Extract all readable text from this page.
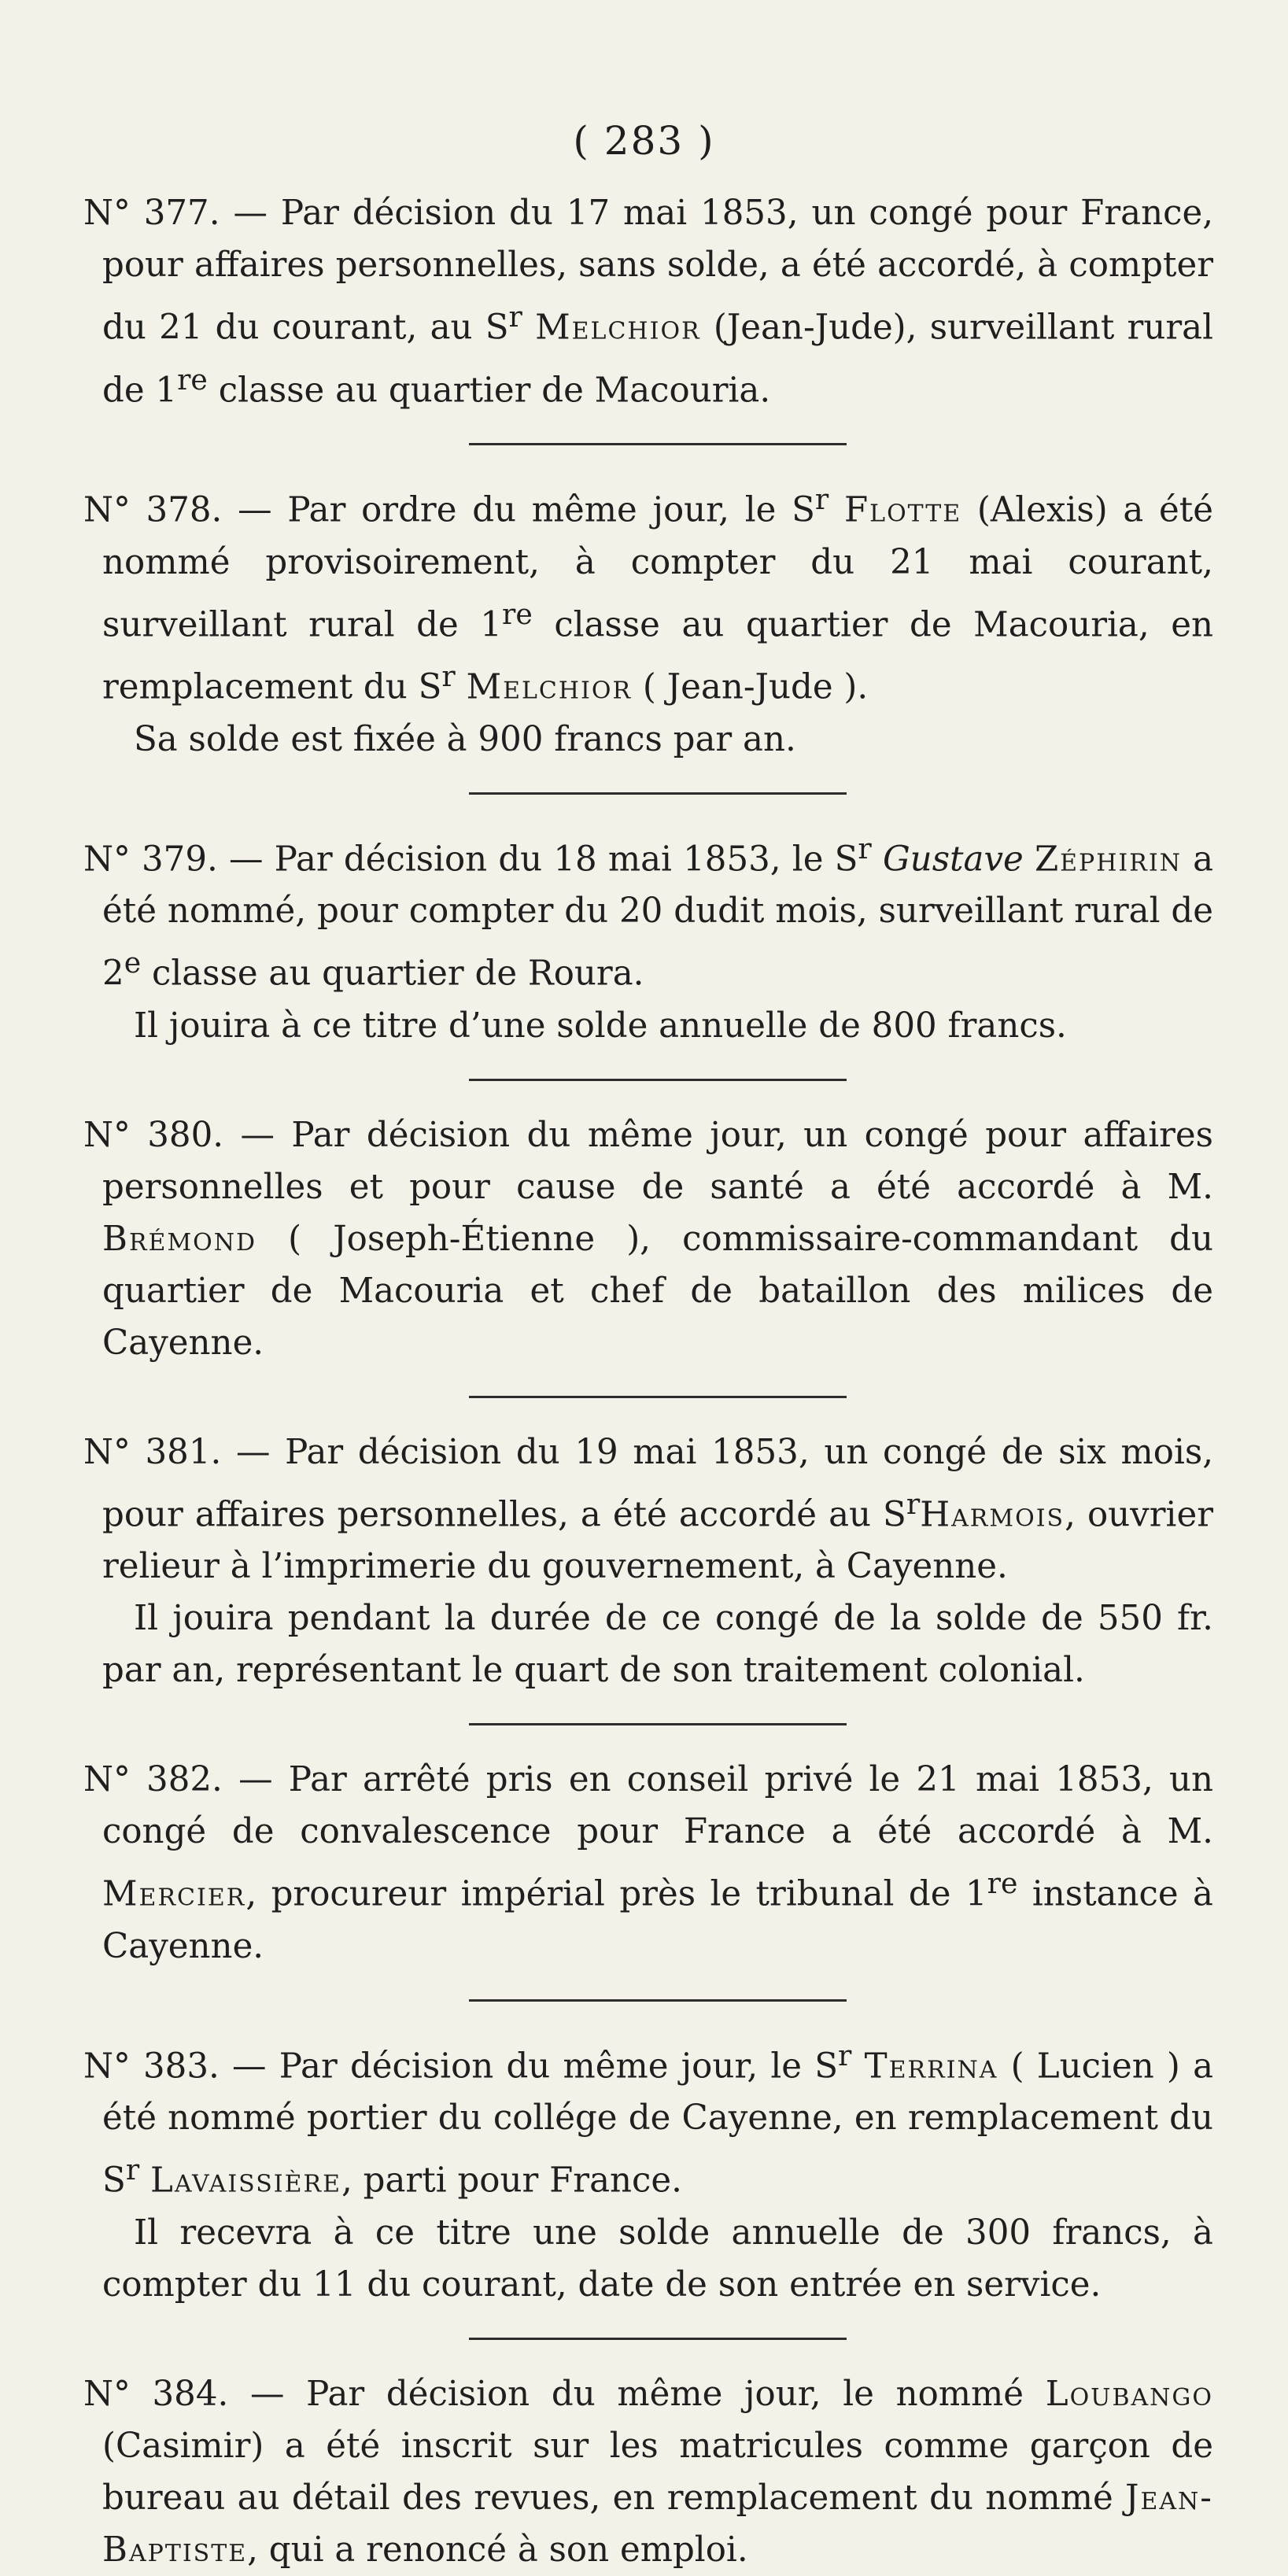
( 283 )

N° 377. — Par décision du 17 mai 1853, un congé pour France, pour affaires personnelles, sans solde, a été accordé, à compter du 21 du courant, au $S^r$ Melchior (Jean-Jude), surveillant rural de 1re classe au quartier de Macouria.

N° 378. — Par ordre du même jour, le $S^r$ Flotte (Alexis) a été nommé provisoirement, à compter du 21 mai courant, surveillant rural de 1re classe au quartier de Macouria, en remplacement du $S^r$ Melchior ( Jean-Jude ).

Sa solde est fixée à 900 francs par an.

N° 379. — Par décision du 18 mai 1853, le $S^r$ Gustave Zéphirin a été nommé, pour compter du 20 dudit mois, surveillant rural de 2e classe au quartier de Roura.

Il jouira à ce titre d’une solde annuelle de 800 francs.

N° 380. — Par décision du même jour, un congé pour affaires personnelles et pour cause de santé a été accordé à M. Brémond ( Joseph-Étienne ), commissaire-commandant du quartier de Macouria et chef de bataillon des milices de Cayenne.

N° 381. — Par décision du 19 mai 1853, un congé de six mois, pour affaires personnelles, a été accordé au $S^rHarmois$, ouvrier relieur à l’imprimerie du gouvernement, à Cayenne.

Il jouira pendant la durée de ce congé de la solde de 550 fr. par an, représentant le quart de son traitement colonial.

N° 382. — Par arrêté pris en conseil privé le 21 mai 1853, un congé de convalescence pour France a été accordé à M. Mercier, procureur impérial près le tribunal de 1re instance à Cayenne.

N° 383. — Par décision du même jour, le $S^r$ Terrina ( Lucien ) a été nommé portier du collége de Cayenne, en remplacement du $S^r$ Lavaissière, parti pour France.

Il recevra à ce titre une solde annuelle de 300 francs, à compter du 11 du courant, date de son entrée en service.

N° 384. — Par décision du même jour, le nommé Loubango (Casimir) a été inscrit sur les matricules comme garçon de bureau au détail des revues, en remplacement du nommé Jean-Baptiste, qui a renoncé à son emploi.
